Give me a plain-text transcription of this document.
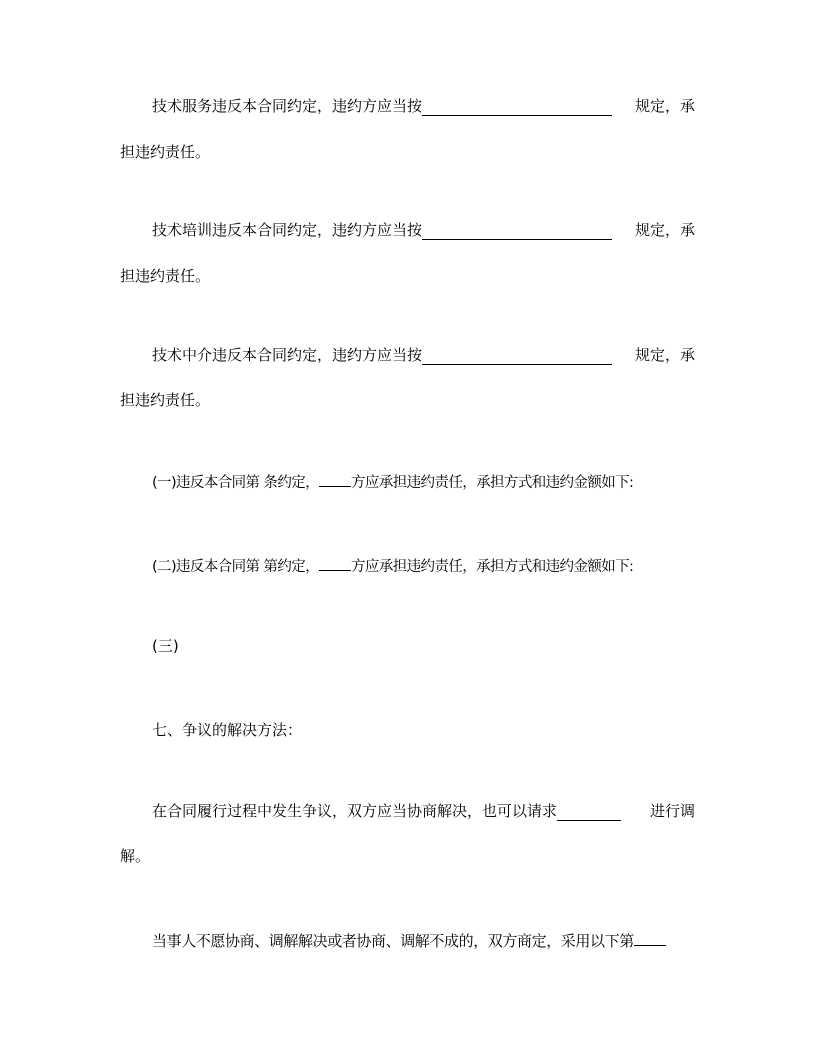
技术服务违反本合同约定，违约方应当按	规定，承
担违约责任。
技术培训违反本合同约定，违约方应当按	规定，承
担违约责任。
技术中介违反本合同约定，违约方应当按	规定，承
担违约责任。
(一)违反本合同第 条约定， 方应承担违约责任，承担方式和违约金额如下:
(二)违反本合同第 第约定， 方应承担违约责任，承担方式和违约金额如下:
(三)
七、争议的解决方法：
在合同履行过程中发生争议，双方应当协商解决，也可以请求	进行调
解。
当事人不愿协商、调解解决或者协商、调解不成的，双方商定，采用以下第
